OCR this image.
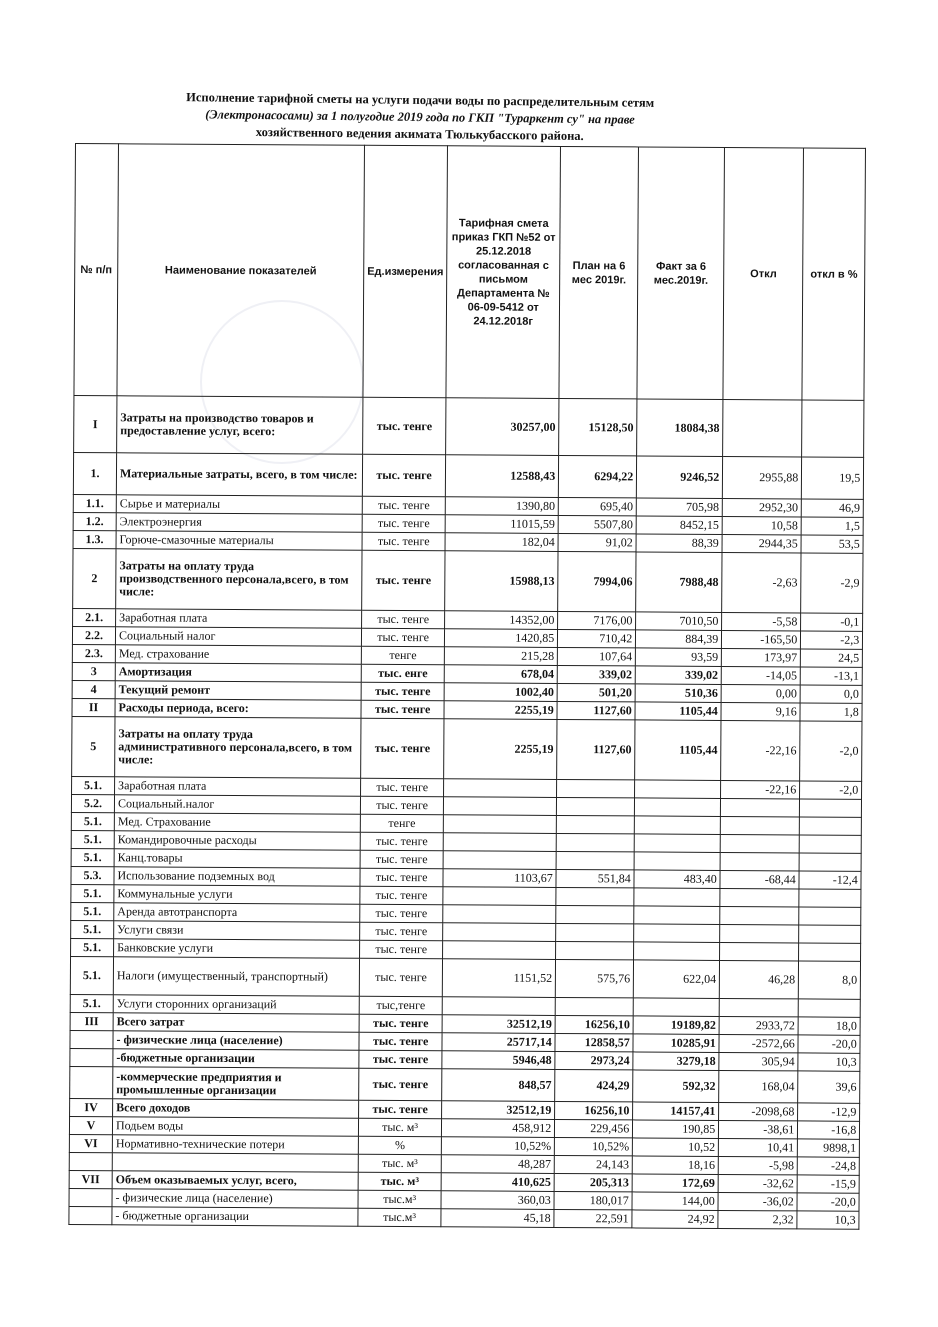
Исполнение тарифной сметы на услуги подачи воды по распределительным сетям
(Электронасосами) за 1 полугодие 2019 года по ГКП "Тураркент су" на праве
хозяйственного ведения акимата Тюлькубасского района.
№ п/п	Наименование показателей	Ед.измерения	Тарифная смета приказ ГКП №52 от 25.12.2018 согласованная с письмом Департамента № 06-09-5412 от 24.12.2018г	План на 6 мес 2019г.	Факт за 6 мес.2019г.	Откл	откл в %
I	Затраты на производство товаров и предоставление услуг, всего:	тыс. тенге	30257,00	15128,50	18084,38		
1.	Материальные затраты, всего, в том числе:	тыс. тенге	12588,43	6294,22	9246,52	2955,88	19,5
1.1.	Сырье и материалы	тыс. тенге	1390,80	695,40	705,98	2952,30	46,9
1.2.	Электроэнергия	тыс. тенге	11015,59	5507,80	8452,15	10,58	1,5
1.3.	Горюче-смазочные материалы	тыс. тенге	182,04	91,02	88,39	2944,35	53,5
2	Затраты на оплату труда производственного персонала,всего, в том числе:	тыс. тенге	15988,13	7994,06	7988,48	-2,63	-2,9
2.1.	Заработная плата	тыс. тенге	14352,00	7176,00	7010,50	-5,58	-0,1
2.2.	Социальный налог	тыс. тенге	1420,85	710,42	884,39	-165,50	-2,3
2.3.	Мед. страхование	тенге	215,28	107,64	93,59	173,97	24,5
3	Амортизация	тыс. енге	678,04	339,02	339,02	-14,05	-13,1
4	Текущий ремонт	тыс. тенге	1002,40	501,20	510,36	0,00	0,0
II	Расходы периода, всего:	тыс. тенге	2255,19	1127,60	1105,44	9,16	1,8
5	Затраты на оплату труда административного персонала,всего, в том числе:	тыс. тенге	2255,19	1127,60	1105,44	-22,16	-2,0
5.1.	Заработная плата	тыс. тенге				-22,16	-2,0
5.2.	Социальный.налог	тыс. тенге					
5.1.	Мед. Страхование	тенге					
5.1.	Командировочные расходы	тыс. тенге					
5.1.	Канц.товары	тыс. тенге					
5.3.	Использование подземных вод	тыс. тенге	1103,67	551,84	483,40	-68,44	-12,4
5.1.	Коммунальные услуги	тыс. тенге					
5.1.	Аренда автотранспорта	тыс. тенге					
5.1.	Услуги связи	тыс. тенге					
5.1.	Банковские услуги	тыс. тенге					
5.1.	Налоги (имущественный, транспортный)	тыс. тенге	1151,52	575,76	622,04	46,28	8,0
5.1.	Услуги сторонних организаций	тыс,тенге					
III	Всего затрат	тыс. тенге	32512,19	16256,10	19189,82	2933,72	18,0
	- физические лица (население)	тыс. тенге	25717,14	12858,57	10285,91	-2572,66	-20,0
	-бюджетные организации	тыс. тенге	5946,48	2973,24	3279,18	305,94	10,3
	-коммерческие предприятия и промышленные организации	тыс. тенге	848,57	424,29	592,32	168,04	39,6
IV	Всего доходов	тыс. тенге	32512,19	16256,10	14157,41	-2098,68	-12,9
V	Подьем воды	тыс. м³	458,912	229,456	190,85	-38,61	-16,8
VI	Нормативно-технические потери	%	10,52%	10,52%	10,52	10,41	9898,1
		тыс. м³	48,287	24,143	18,16	-5,98	-24,8
VII	Объем оказываемых услуг, всего,	тыс. м³	410,625	205,313	172,69	-32,62	-15,9
	- физические лица (население)	тыс.м³	360,03	180,017	144,00	-36,02	-20,0
	- бюджетные организации	тыс.м³	45,18	22,591	24,92	2,32	10,3
